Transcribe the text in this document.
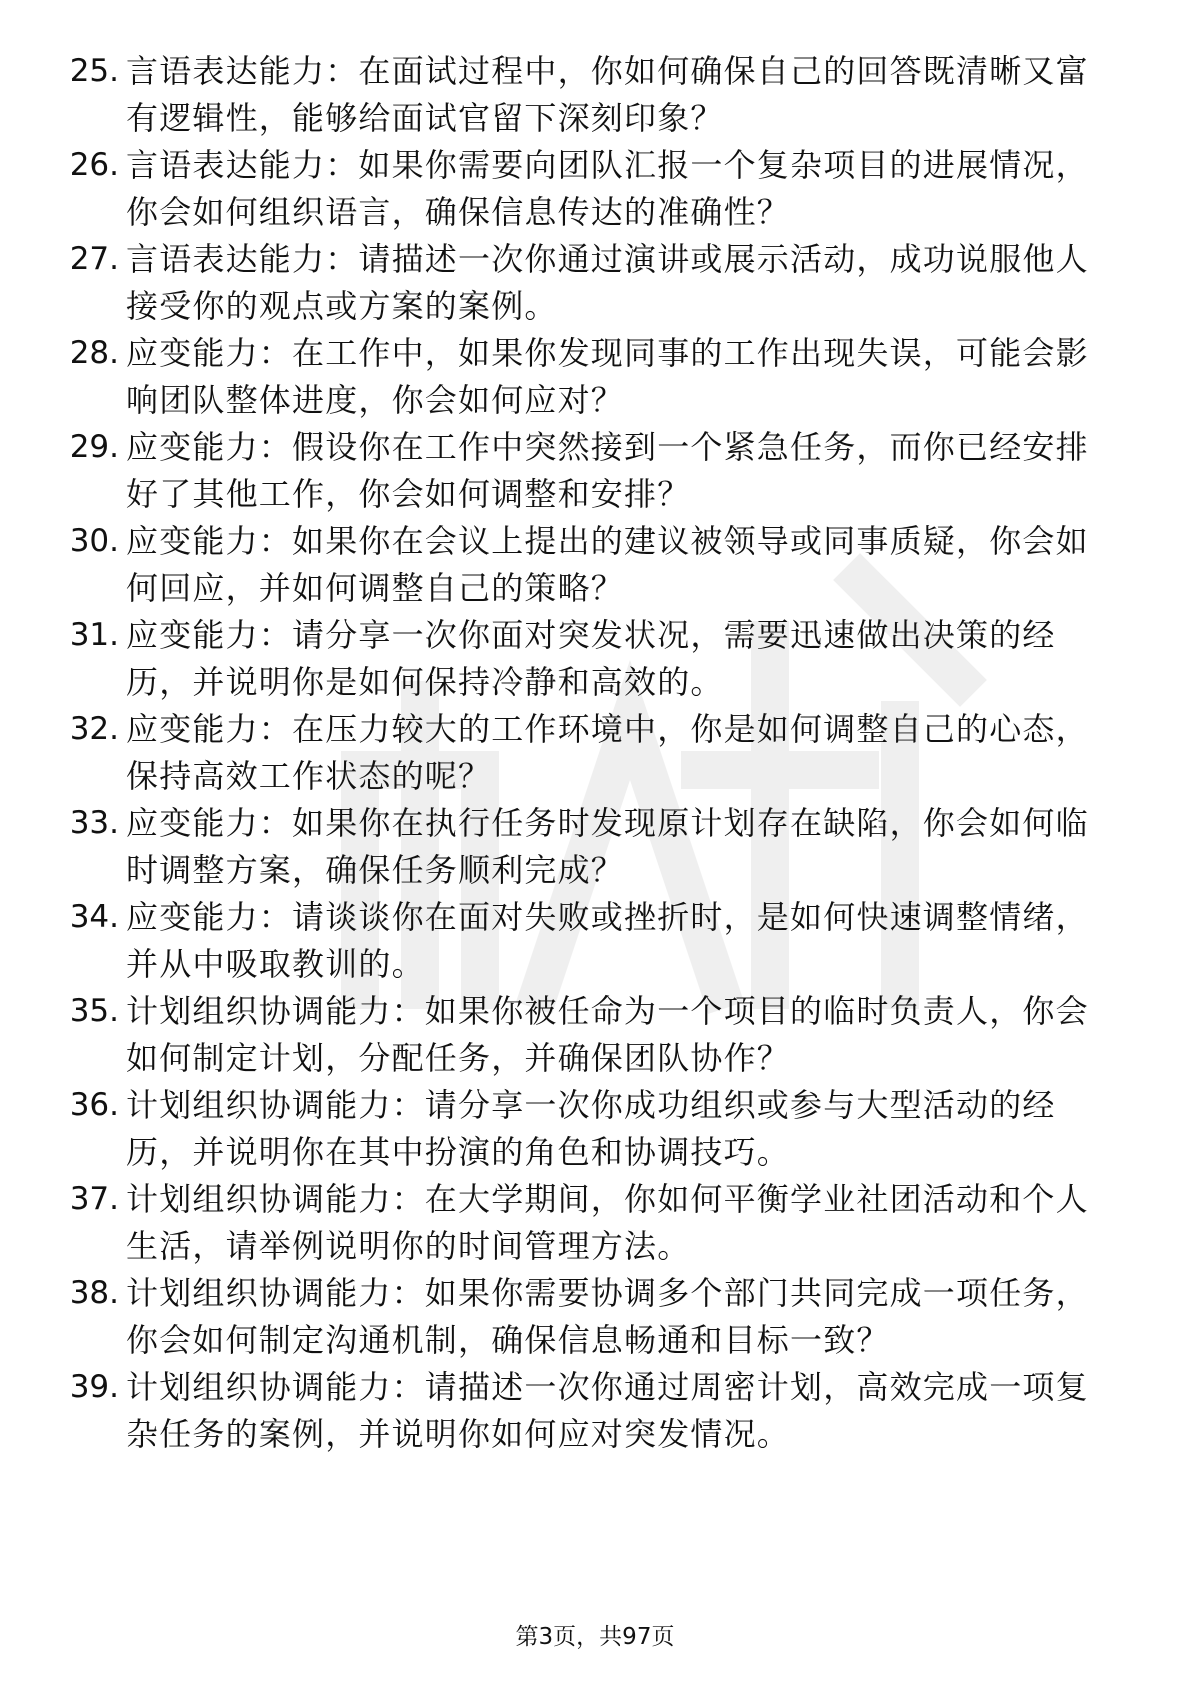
25. 言语表达能力：在面试过程中，你如何确保自己的回答既清晰又富有逻辑性，能够给面试官留下深刻印象？
26. 言语表达能力：如果你需要向团队汇报一个复杂项目的进展情况，你会如何组织语言，确保信息传达的准确性？
27. 言语表达能力：请描述一次你通过演讲或展示活动，成功说服他人接受你的观点或方案的案例。
28. 应变能力：在工作中，如果你发现同事的工作出现失误，可能会影响团队整体进度，你会如何应对？
29. 应变能力：假设你在工作中突然接到一个紧急任务，而你已经安排好了其他工作，你会如何调整和安排？
30. 应变能力：如果你在会议上提出的建议被领导或同事质疑，你会如何回应，并如何调整自己的策略？
31. 应变能力：请分享一次你面对突发状况，需要迅速做出决策的经历，并说明你是如何保持冷静和高效的。
32. 应变能力：在压力较大的工作环境中，你是如何调整自己的心态，保持高效工作状态的呢？
33. 应变能力：如果你在执行任务时发现原计划存在缺陷，你会如何临时调整方案，确保任务顺利完成？
34. 应变能力：请谈谈你在面对失败或挫折时，是如何快速调整情绪，并从中吸取教训的。
35. 计划组织协调能力：如果你被任命为一个项目的临时负责人，你会如何制定计划，分配任务，并确保团队协作？
36. 计划组织协调能力：请分享一次你成功组织或参与大型活动的经历，并说明你在其中扮演的角色和协调技巧。
37. 计划组织协调能力：在大学期间，你如何平衡学业社团活动和个人生活，请举例说明你的时间管理方法。
38. 计划组织协调能力：如果你需要协调多个部门共同完成一项任务，你会如何制定沟通机制，确保信息畅通和目标一致？
39. 计划组织协调能力：请描述一次你通过周密计划，高效完成一项复杂任务的案例，并说明你如何应对突发情况。
第3页，共97页
